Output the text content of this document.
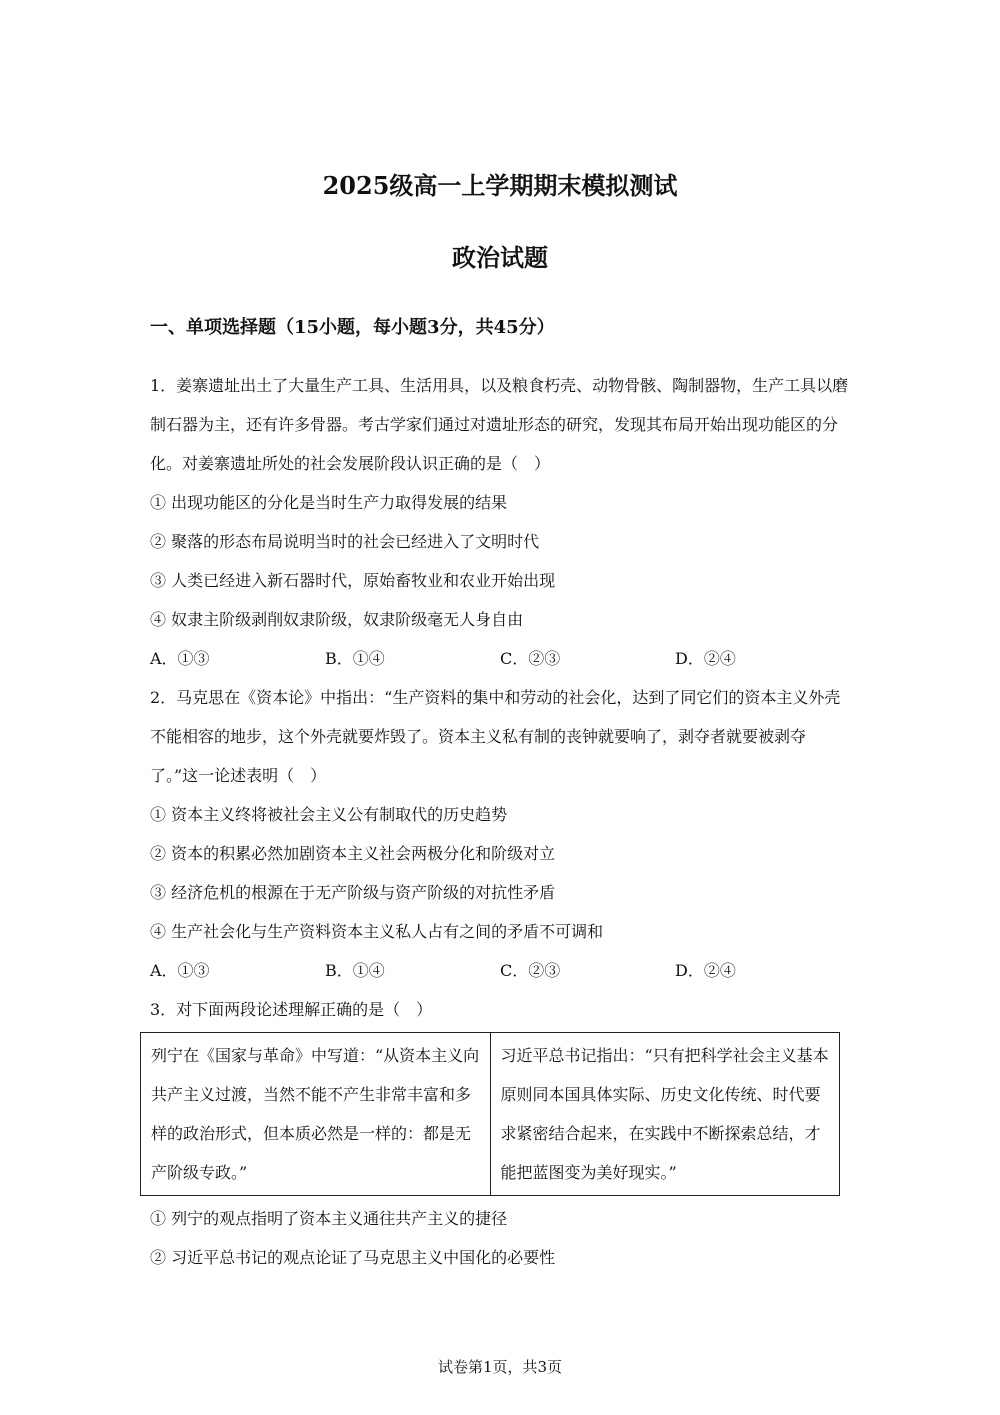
2025级高一上学期期末模拟测试
政治试题
一、单项选择题（15小题，每小题3分，共45分）

1．姜寨遗址出土了大量生产工具、生活用具，以及粮食朽壳、动物骨骸、陶制器物，生产工具以磨制石器为主，还有许多骨器。考古学家们通过对遗址形态的研究，发现其布局开始出现功能区的分化。对姜寨遗址所处的社会发展阶段认识正确的是（　）

① 出现功能区的分化是当时生产力取得发展的结果
② 聚落的形态布局说明当时的社会已经进入了文明时代
③ 人类已经进入新石器时代，原始畜牧业和农业开始出现
④ 奴隶主阶级剥削奴隶阶级，奴隶阶级毫无人身自由
A．①③	B．①④	C．②③	D．②④

2．马克思在《资本论》中指出：“生产资料的集中和劳动的社会化，达到了同它们的资本主义外壳不能相容的地步，这个外壳就要炸毁了。资本主义私有制的丧钟就要响了，剥夺者就要被剥夺了。”这一论述表明（　）

① 资本主义终将被社会主义公有制取代的历史趋势
② 资本的积累必然加剧资本主义社会两极分化和阶级对立
③ 经济危机的根源在于无产阶级与资产阶级的对抗性矛盾
④ 生产社会化与生产资料资本主义私人占有之间的矛盾不可调和
A．①③	B．①④	C．②③	D．②④
3．对下面两段论述理解正确的是（　）
列宁在《国家与革命》中写道：“从资本主义向共产主义过渡，当然不能不产生非常丰富和多样的政治形式，但本质必然是一样的：都是无产阶级专政。”	习近平总书记指出：“只有把科学社会主义基本原则同本国具体实际、历史文化传统、时代要求紧密结合起来，在实践中不断探索总结，才能把蓝图变为美好现实。”
① 列宁的观点指明了资本主义通往共产主义的捷径
② 习近平总书记的观点论证了马克思主义中国化的必要性
试卷第1页，共3页
